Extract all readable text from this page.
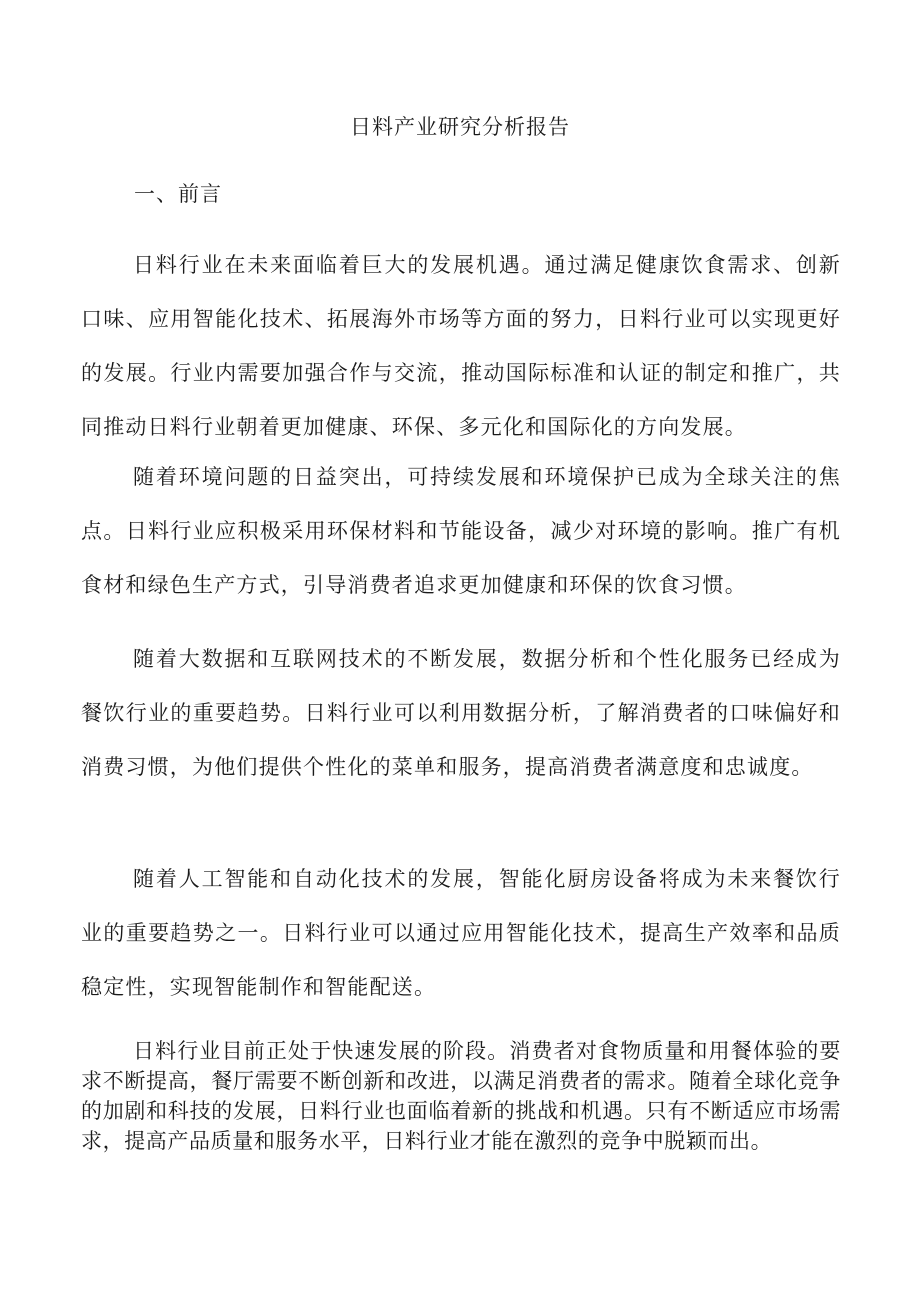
日料产业研究分析报告
一、前言

日料行业在未来面临着巨大的发展机遇。通过满足健康饮食需求、创新口味、应用智能化技术、拓展海外市场等方面的努力，日料行业可以实现更好的发展。行业内需要加强合作与交流，推动国际标准和认证的制定和推广，共同推动日料行业朝着更加健康、环保、多元化和国际化的方向发展。

随着环境问题的日益突出，可持续发展和环境保护已成为全球关注的焦点。日料行业应积极采用环保材料和节能设备，减少对环境的影响。推广有机食材和绿色生产方式，引导消费者追求更加健康和环保的饮食习惯。

随着大数据和互联网技术的不断发展，数据分析和个性化服务已经成为餐饮行业的重要趋势。日料行业可以利用数据分析，了解消费者的口味偏好和消费习惯，为他们提供个性化的菜单和服务，提高消费者满意度和忠诚度。

随着人工智能和自动化技术的发展，智能化厨房设备将成为未来餐饮行业的重要趋势之一。日料行业可以通过应用智能化技术，提高生产效率和品质稳定性，实现智能制作和智能配送。

日料行业目前正处于快速发展的阶段。消费者对食物质量和用餐体验的要求不断提高，餐厅需要不断创新和改进，以满足消费者的需求。随着全球化竞争的加剧和科技的发展，日料行业也面临着新的挑战和机遇。只有不断适应市场需求，提高产品质量和服务水平，日料行业才能在激烈的竞争中脱颖而出。
